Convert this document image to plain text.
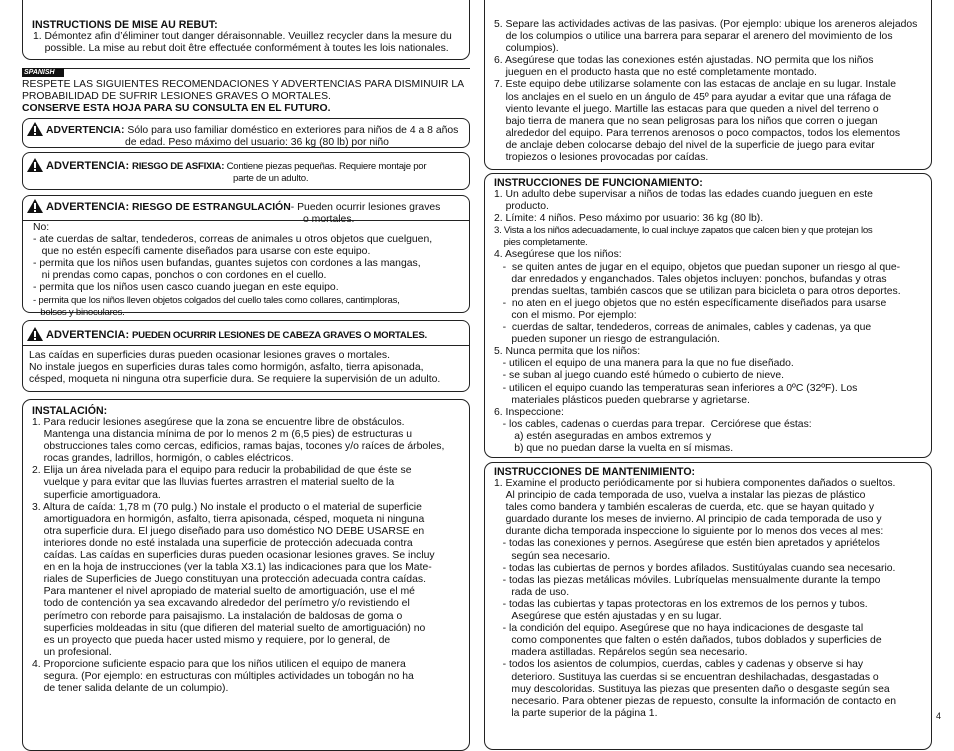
INSTRUCTIONS DE MISE AU REBUT:
1. Démontez afin d’éliminer tout danger déraisonnable. Veuillez recycler dans la mesure du
possible. La mise au rebut doit être effectuée conformément à toutes les lois nationales.
SPANISH
RESPETE LAS SIGUIENTES RECOMENDACIONES Y ADVERTENCIAS PARA DISMINUIR LA
PROBABILIDAD DE SUFRIR LESIONES GRAVES O MORTALES.
CONSERVE ESTA HOJA PARA SU CONSULTA EN EL FUTURO.
ADVERTENCIA: Sólo para uso familiar doméstico en exteriores para niños de 4 a 8 años
de edad. Peso máximo del usuario: 36 kg (80 lb) por niño
ADVERTENCIA: RIESGO DE ASFIXIA: Contiene piezas pequeñas. Requiere montaje por
parte de un adulto.
ADVERTENCIA: RIESGO DE ESTRANGULACIÓN- Pueden ocurrir lesiones graves
o mortales.
No:
- ate cuerdas de saltar, tendederos, correas de animales u otros objetos que cuelguen,
que no estén específi camente diseñados para usarse con este equipo.
- permita que los niños usen bufandas, guantes sujetos con cordones a las mangas,
ni prendas como capas, ponchos o con cordones en el cuello.
- permita que los niños usen casco cuando juegan en este equipo.
- permita que los niños lleven objetos colgados del cuello tales como collares, cantimploras,
bolsos y binoculares.
ADVERTENCIA: PUEDEN OCURRIR LESIONES DE CABEZA GRAVES O MORTALES.
Las caídas en superficies duras pueden ocasionar lesiones graves o mortales.
No instale juegos en superficies duras tales como hormigón, asfalto, tierra apisonada,
césped, moqueta ni ninguna otra superficie dura. Se requiere la supervisión de un adulto.
INSTALACIÓN:
1. Para reducir lesiones asegúrese que la zona se encuentre libre de obstáculos.
Mantenga una distancia mínima de por lo menos 2 m (6,5 pies) de estructuras u
obstrucciones tales como cercas, edificios, ramas bajas, tocones y/o raíces de árboles,
rocas grandes, ladrillos, hormigón, o cables eléctricos.
2. Elija un área nivelada para el equipo para reducir la probabilidad de que éste se
vuelque y para evitar que las lluvias fuertes arrastren el material suelto de la
superficie amortiguadora.
3. Altura de caída: 1,78 m (70 pulg.) No instale el producto o el material de superficie
amortiguadora en hormigón, asfalto, tierra apisonada, césped, moqueta ni ninguna
otra superficie dura. El juego diseñado para uso doméstico NO DEBE USARSE en
interiores donde no esté instalada una superficie de protección adecuada contra
caídas. Las caídas en superficies duras pueden ocasionar lesiones graves. Se incluy
en en la hoja de instrucciones (ver la tabla X3.1) las indicaciones para que los Mate-
riales de Superficies de Juego constituyan una protección adecuada contra caídas.
Para mantener el nivel apropiado de material suelto de amortiguación, use el mé
todo de contención ya sea excavando alrededor del perímetro y/o revistiendo el
perímetro con reborde para paisajismo. La instalación de baldosas de goma o
superficies moldeadas in situ (que difieren del material suelto de amortiguación) no
es un proyecto que pueda hacer usted mismo y requiere, por lo general, de
un profesional.
4. Proporcione suficiente espacio para que los niños utilicen el equipo de manera
segura. (Por ejemplo: en estructuras con múltiples actividades un tobogán no ha
de tener salida delante de un columpio).
5. Separe las actividades activas de las pasivas. (Por ejemplo: ubique los areneros alejados
de los columpios o utilice una barrera para separar el arenero del movimiento de los
columpios).
6. Asegúrese que todas las conexiones estén ajustadas. NO permita que los niños
jueguen en el producto hasta que no esté completamente montado.
7. Este equipo debe utilizarse solamente con las estacas de anclaje en su lugar. Instale
los anclajes en el suelo en un ángulo de 45º para ayudar a evitar que una ráfaga de
viento levante el juego. Martille las estacas para que queden a nivel del terreno o
bajo tierra de manera que no sean peligrosas para los niños que corren o juegan
alrededor del equipo. Para terrenos arenosos o poco compactos, todos los elementos
de anclaje deben colocarse debajo del nivel de la superficie de juego para evitar
tropiezos o lesiones provocadas por caídas.
INSTRUCCIONES DE FUNCIONAMIENTO:
1. Un adulto debe supervisar a niños de todas las edades cuando jueguen en este
producto.
2. Límite: 4 niños. Peso máximo por usuario: 36 kg (80 lb).
3. Vista a los niños adecuadamente, lo cual incluye zapatos que calcen bien y que protejan los
pies completamente.
4. Asegúrese que los niños:
-  se quiten antes de jugar en el equipo, objetos que puedan suponer un riesgo al que-
dar enredados y enganchados. Tales objetos incluyen: ponchos, bufandas y otras
prendas sueltas, también cascos que se utilizan para bicicleta o para otros deportes.
-  no aten en el juego objetos que no estén específicamente diseñados para usarse
con el mismo. Por ejemplo:
-  cuerdas de saltar, tendederos, correas de animales, cables y cadenas, ya que
pueden suponer un riesgo de estrangulación.
5. Nunca permita que los niños:
- utilicen el equipo de una manera para la que no fue diseñado.
- se suban al juego cuando esté húmedo o cubierto de nieve.
- utilicen el equipo cuando las temperaturas sean inferiores a 0ºC (32ºF). Los
materiales plásticos pueden quebrarse y agrietarse.
6. Inspeccione:
- los cables, cadenas o cuerdas para trepar.  Cerciórese que éstas:
a) estén aseguradas en ambos extremos y
b) que no puedan darse la vuelta en sí mismas.
INSTRUCCIONES DE MANTENIMIENTO:
1. Examine el producto periódicamente por si hubiera componentes dañados o sueltos.
Al principio de cada temporada de uso, vuelva a instalar las piezas de plástico
tales como bandera y también escaleras de cuerda, etc. que se hayan quitado y
guardado durante los meses de invierno. Al principio de cada temporada de uso y
durante dicha temporada inspeccione lo siguiente por lo menos dos veces al mes:
- todas las conexiones y pernos. Asegúrese que estén bien apretados y apriételos
según sea necesario.
- todas las cubiertas de pernos y bordes afilados. Sustitúyalas cuando sea necesario.
- todas las piezas metálicas móviles. Lubríquelas mensualmente durante la tempo
rada de uso.
- todas las cubiertas y tapas protectoras en los extremos de los pernos y tubos.
Asegúrese que estén ajustadas y en su lugar.
- la condición del equipo. Asegúrese que no haya indicaciones de desgaste tal
como componentes que falten o estén dañados, tubos doblados y superficies de
madera astilladas. Repárelos según sea necesario.
- todos los asientos de columpios, cuerdas, cables y cadenas y observe si hay
deterioro. Sustituya las cuerdas si se encuentran deshilachadas, desgastadas o
muy descoloridas. Sustituya las piezas que presenten daño o desgaste según sea
necesario. Para obtener piezas de repuesto, consulte la información de contacto en
la parte superior de la página 1.	4
